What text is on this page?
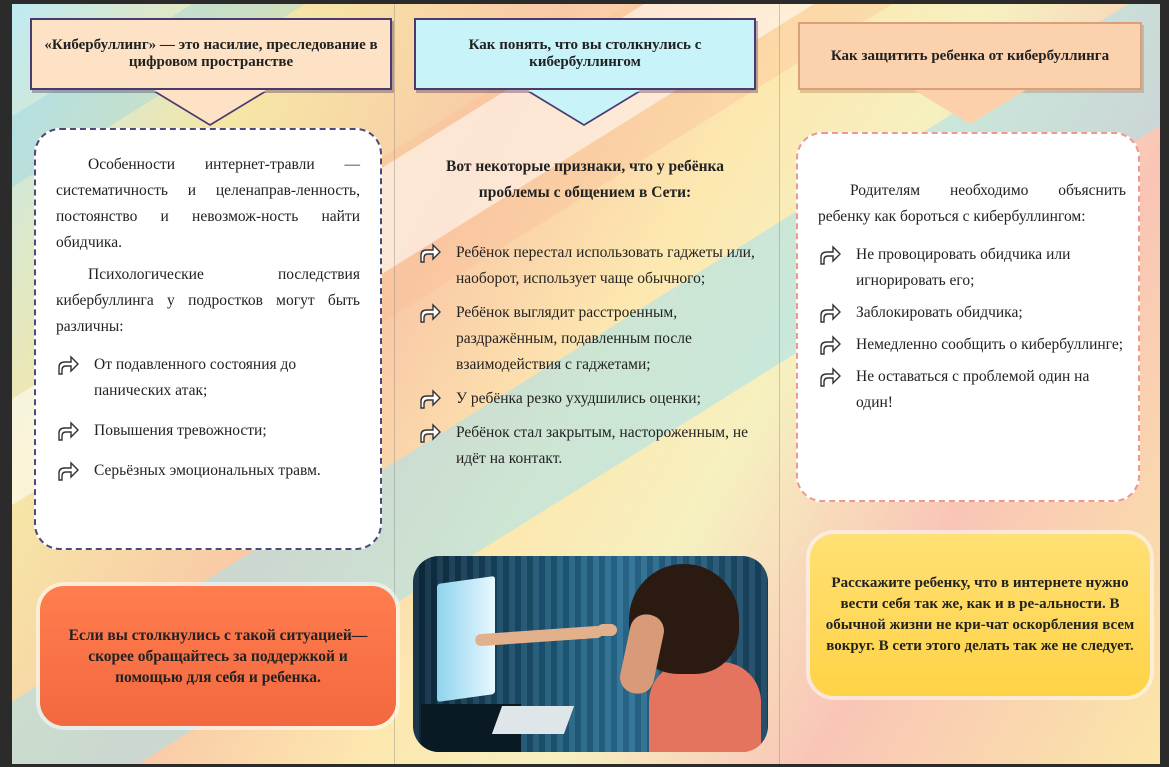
«Кибербуллинг» — это насилие, преследование в цифровом пространстве

Особенности интернет-травли — систематичность и целенаправ-ленность, постоянство и невозмож-ность найти обидчика.

Психологические последствия кибербуллинга у подростков могут быть различны:

От подавленного состояния до панических атак;
Повышения тревожности;
Серьёзных эмоциональных травм.
Если вы столкнулись с такой ситуацией—скорее обращайтесь за поддержкой и помощью для себя и ребенка.
Как понять, что вы столкнулись с кибербуллингом
Вот некоторые признаки, что у ребёнка проблемы с общением в Сети:
Ребёнок перестал использовать гаджеты или, наоборот, использует чаще обычного;
Ребёнок выглядит расстроенным, раздражённым, подавленным после взаимодействия с гаджетами;
У ребёнка резко ухудшились оценки;
Ребёнок стал закрытым, настороженным, не идёт на контакт.
Как защитить ребенка от кибербуллинга

Родителям необходимо объяснить ребенку как бороться с кибербуллингом:

Не провоцировать обидчика или игнорировать его;
Заблокировать обидчика;
Немедленно сообщить о кибербуллинге;
Не оставаться с проблемой один на один!
Расскажите ребенку, что в интернете нужно вести себя так же, как и в ре-альности. В обычной жизни не кри-чат оскорбления всем вокруг. В сети этого делать так же не следует.
